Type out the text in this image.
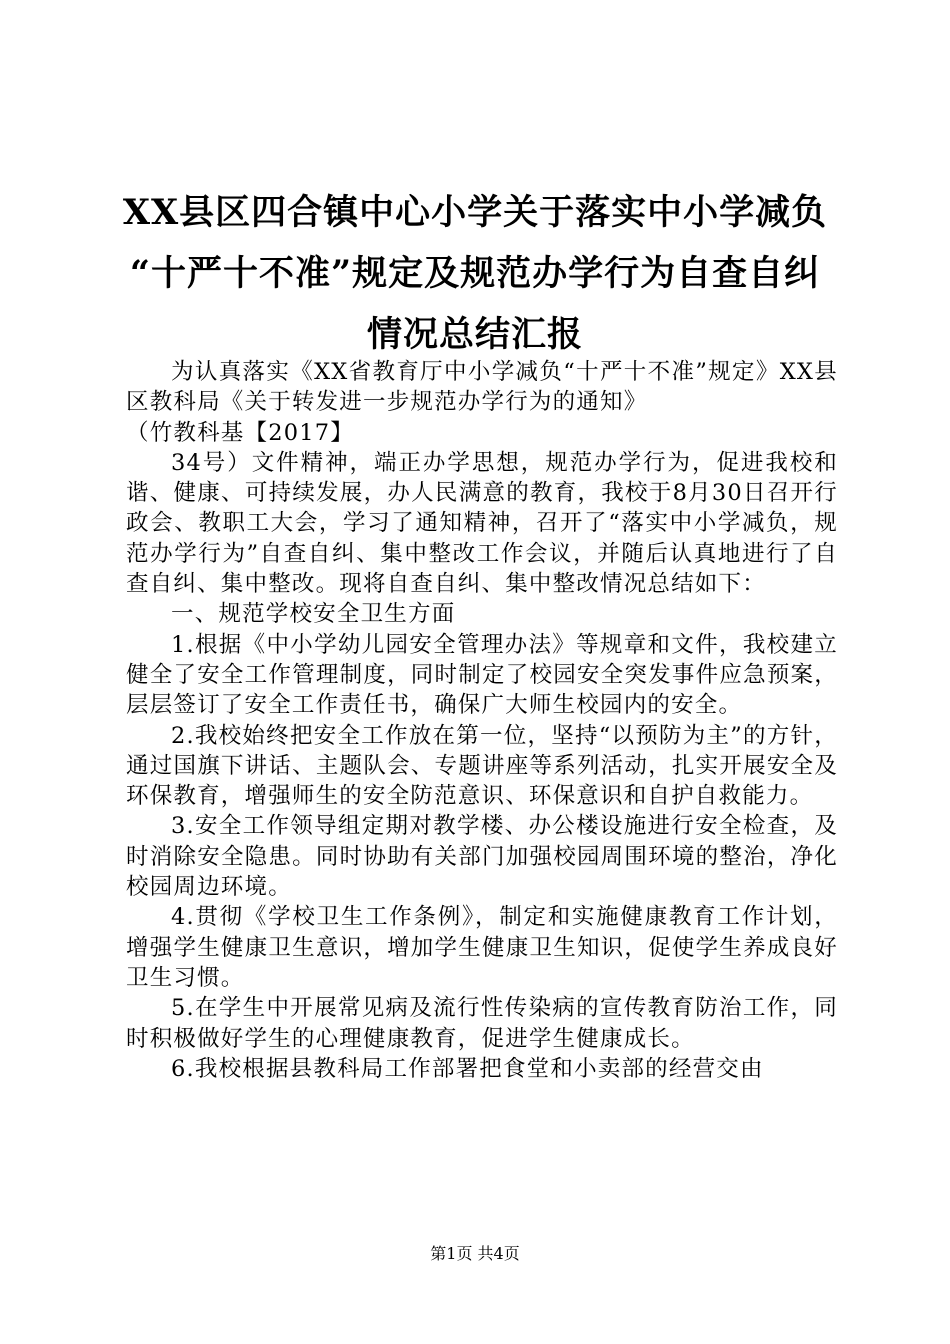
XX县区四合镇中心小学关于落实中小学减负
“十严十不准”规定及规范办学行为自查自纠
情况总结汇报

为认真落实《XX省教育厅中小学减负“十严十不准”规定》XX县区教科局《关于转发进一步规范办学行为的通知》

（竹教科基【2017】

34号）文件精神，端正办学思想，规范办学行为，促进我校和谐、健康、可持续发展，办人民满意的教育，我校于8月30日召开行政会、教职工大会，学习了通知精神，召开了“落实中小学减负，规范办学行为”自查自纠、集中整改工作会议，并随后认真地进行了自查自纠、集中整改。现将自查自纠、集中整改情况总结如下：

一、规范学校安全卫生方面

1.根据《中小学幼儿园安全管理办法》等规章和文件，我校建立健全了安全工作管理制度，同时制定了校园安全突发事件应急预案，层层签订了安全工作责任书，确保广大师生校园内的安全。

2.我校始终把安全工作放在第一位，坚持“以预防为主”的方针，通过国旗下讲话、主题队会、专题讲座等系列活动，扎实开展安全及环保教育，增强师生的安全防范意识、环保意识和自护自救能力。

3.安全工作领导组定期对教学楼、办公楼设施进行安全检查，及时消除安全隐患。同时协助有关部门加强校园周围环境的整治，净化校园周边环境。

4.贯彻《学校卫生工作条例》，制定和实施健康教育工作计划，增强学生健康卫生意识，增加学生健康卫生知识，促使学生养成良好卫生习惯。

5.在学生中开展常见病及流行性传染病的宣传教育防治工作，同时积极做好学生的心理健康教育，促进学生健康成长。

6.我校根据县教科局工作部署把食堂和小卖部的经营交由

第1页 共4页
